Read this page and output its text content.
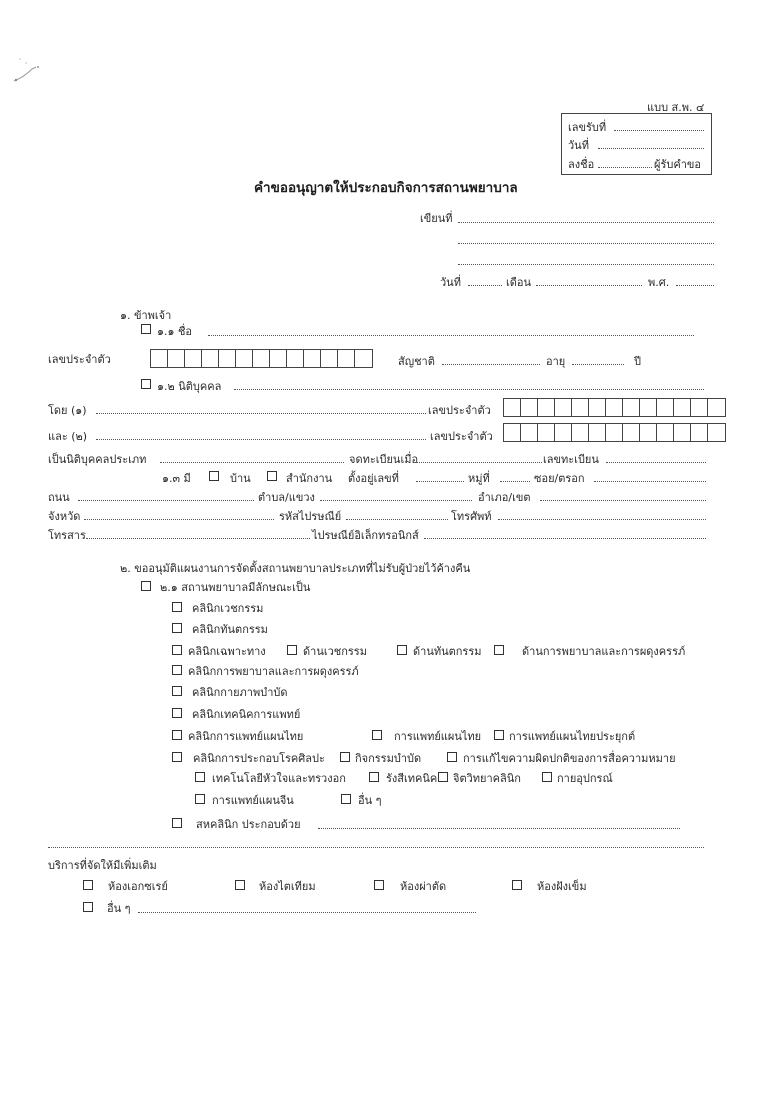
แบบ ส.พ. ๔
เลขรับที่
วันที่
ลงชื่อ	ผู้รับคำขอ
คำขออนุญาตให้ประกอบกิจการสถานพยาบาล
เขียนที่
วันที่	เดือน	พ.ศ.
๑. ข้าพเจ้า
๑.๑ ชื่อ
เลขประจำตัว	สัญชาติ	อายุ	ปี
๑.๒ นิติบุคคล
โดย (๑)	เลขประจำตัว
และ (๒)	เลขประจำตัว
เป็นนิติบุคคลประเภท	จดทะเบียนเมื่อ	เลขทะเบียน
๑.๓ มี	บ้าน	สำนักงาน ตั้งอยู่เลขที่	หมู่ที่	ซอย/ตรอก
ถนน	ตำบล/แขวง	อำเภอ/เขต
จังหวัด	รหัสไปรษณีย์	โทรศัพท์
โทรสาร	ไปรษณีย์อิเล็กทรอนิกส์
๒. ขออนุมัติแผนงานการจัดตั้งสถานพยาบาลประเภทที่ไม่รับผู้ป่วยไว้ค้างคืน
๒.๑ สถานพยาบาลมีลักษณะเป็น
คลินิกเวชกรรม
คลินิกทันตกรรม
คลินิกเฉพาะทาง	ด้านเวชกรรม	ด้านทันตกรรม	ด้านการพยาบาลและการผดุงครรภ์
คลินิกการพยาบาลและการผดุงครรภ์
คลินิกกายภาพบำบัด
คลินิกเทคนิคการแพทย์
คลินิกการแพทย์แผนไทย	การแพทย์แผนไทย	การแพทย์แผนไทยประยุกต์
คลินิกการประกอบโรคศิลปะ	กิจกรรมบำบัด	การแก้ไขความผิดปกติของการสื่อความหมาย
เทคโนโลยีหัวใจและทรวงอก	รังสีเทคนิค จิตวิทยาคลินิก	กายอุปกรณ์
การแพทย์แผนจีน	อื่น ๆ
สหคลินิก ประกอบด้วย
บริการที่จัดให้มีเพิ่มเติม
ห้องเอกซเรย์	ห้องไตเทียม	ห้องผ่าตัด	ห้องฝังเข็ม
อื่น ๆ
